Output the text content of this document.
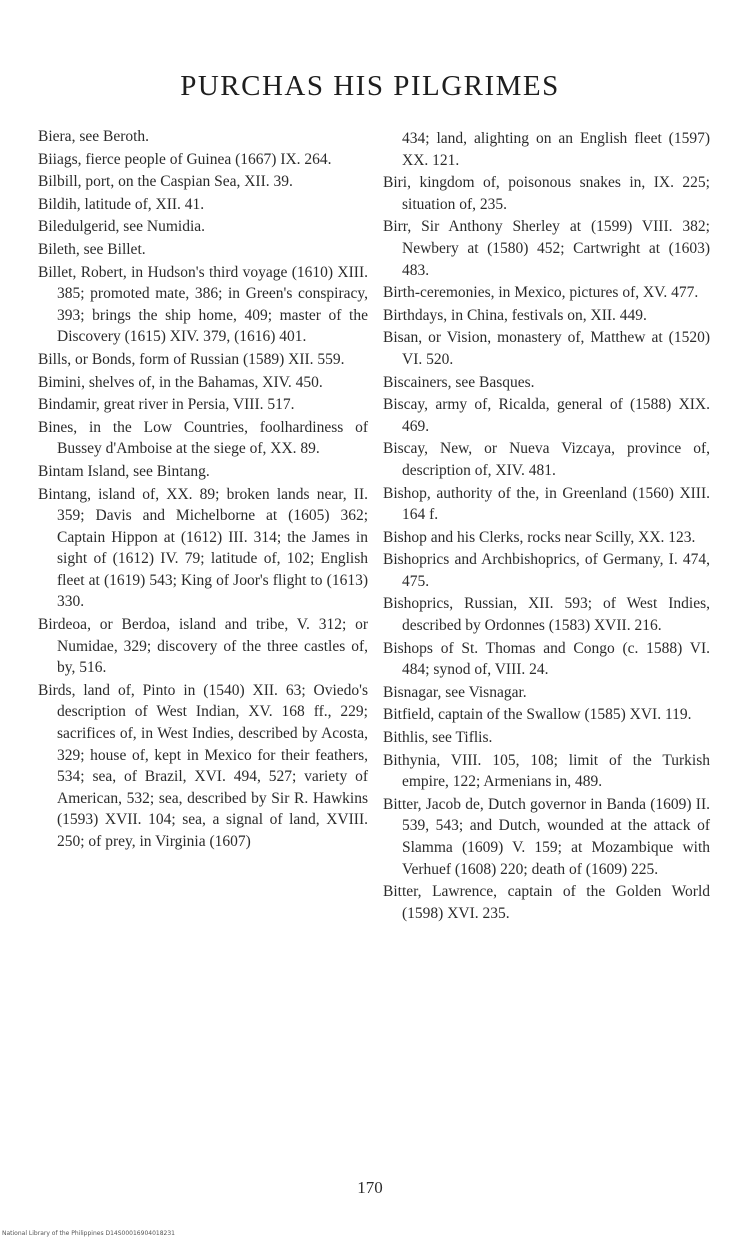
PURCHAS HIS PILGRIMES

Biera, see Beroth.

Biiags, fierce people of Guinea (1667) IX. 264.

Bilbill, port, on the Caspian Sea, XII. 39.

Bildih, latitude of, XII. 41.

Biledulgerid, see Numidia.

Bileth, see Billet.

Billet, Robert, in Hudson's third voyage (1610) XIII. 385; promoted mate, 386; in Green's conspiracy, 393; brings the ship home, 409; master of the Discovery (1615) XIV. 379, (1616) 401.

Bills, or Bonds, form of Russian (1589) XII. 559.

Bimini, shelves of, in the Bahamas, XIV. 450.

Bindamir, great river in Persia, VIII. 517.

Bines, in the Low Countries, foolhardiness of Bussey d'Amboise at the siege of, XX. 89.

Bintam Island, see Bintang.

Bintang, island of, XX. 89; broken lands near, II. 359; Davis and Michelborne at (1605) 362; Captain Hippon at (1612) III. 314; the James in sight of (1612) IV. 79; latitude of, 102; English fleet at (1619) 543; King of Joor's flight to (1613) 330.

Birdeoa, or Berdoa, island and tribe, V. 312; or Numidae, 329; discovery of the three castles of, by, 516.

Birds, land of, Pinto in (1540) XII. 63; Oviedo's description of West Indian, XV. 168 ff., 229; sacrifices of, in West Indies, described by Acosta, 329; house of, kept in Mexico for their feathers, 534; sea, of Brazil, XVI. 494, 527; variety of American, 532; sea, described by Sir R. Hawkins (1593) XVII. 104; sea, a signal of land, XVIII. 250; of prey, in Virginia (1607)

434; land, alighting on an English fleet (1597) XX. 121.

Biri, kingdom of, poisonous snakes in, IX. 225; situation of, 235.

Birr, Sir Anthony Sherley at (1599) VIII. 382; Newbery at (1580) 452; Cartwright at (1603) 483.

Birth-ceremonies, in Mexico, pictures of, XV. 477.

Birthdays, in China, festivals on, XII. 449.

Bisan, or Vision, monastery of, Matthew at (1520) VI. 520.

Biscainers, see Basques.

Biscay, army of, Ricalda, general of (1588) XIX. 469.

Biscay, New, or Nueva Vizcaya, province of, description of, XIV. 481.

Bishop, authority of the, in Greenland (1560) XIII. 164 f.

Bishop and his Clerks, rocks near Scilly, XX. 123.

Bishoprics and Archbishoprics, of Germany, I. 474, 475.

Bishoprics, Russian, XII. 593; of West Indies, described by Ordonnes (1583) XVII. 216.

Bishops of St. Thomas and Congo (c. 1588) VI. 484; synod of, VIII. 24.

Bisnagar, see Visnagar.

Bitfield, captain of the Swallow (1585) XVI. 119.

Bithlis, see Tiflis.

Bithynia, VIII. 105, 108; limit of the Turkish empire, 122; Armenians in, 489.

Bitter, Jacob de, Dutch governor in Banda (1609) II. 539, 543; and Dutch, wounded at the attack of Slamma (1609) V. 159; at Mozambique with Verhuef (1608) 220; death of (1609) 225.

Bitter, Lawrence, captain of the Golden World (1598) XVI. 235.

170
National Library of the Philippines D14S00016904018231
